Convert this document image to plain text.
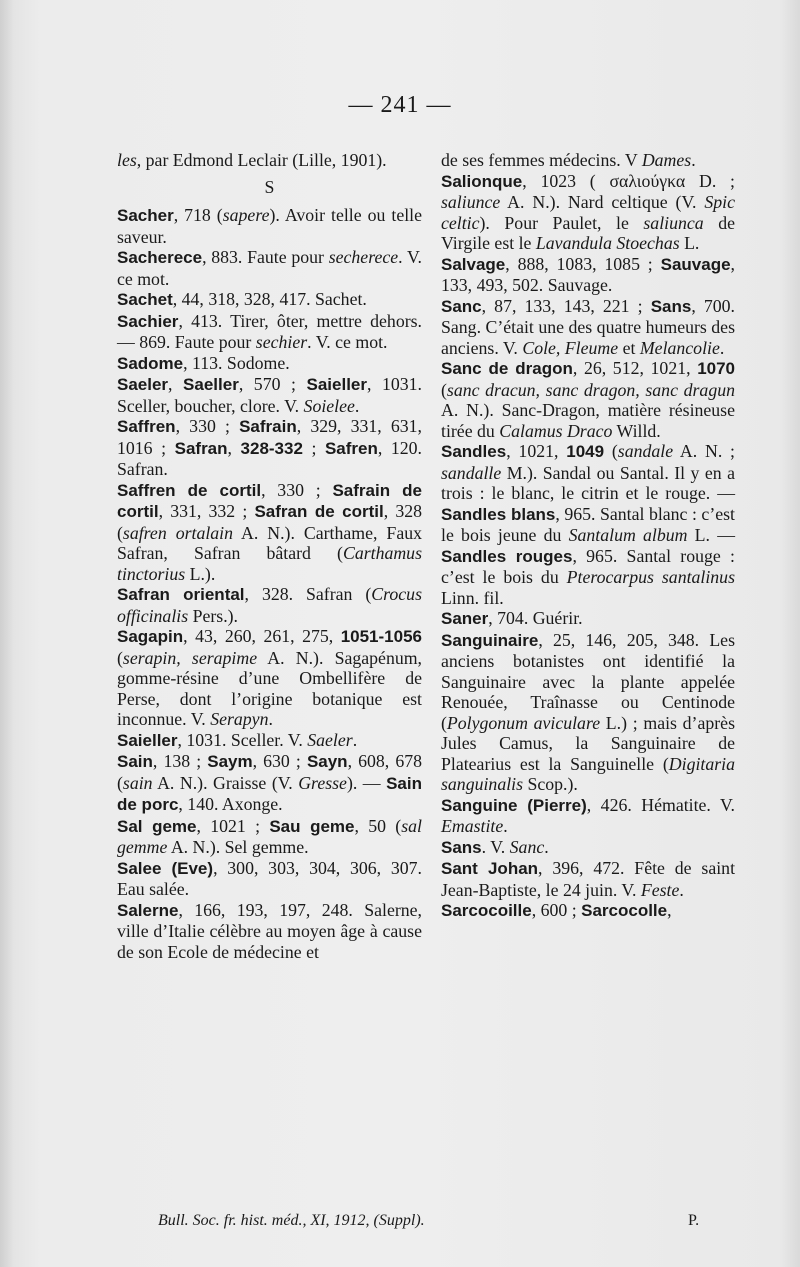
— 241 —

les, par Edmond Leclair (Lille, 1901).

S

Sacher, 718 (sapere). Avoir telle ou telle saveur.

Sacherece, 883. Faute pour secherece. V. ce mot.

Sachet, 44, 318, 328, 417. Sachet.

Sachier, 413. Tirer, ôter, mettre dehors. — 869. Faute pour sechier. V. ce mot.

Sadome, 113. Sodome.

Saeler, Saeller, 570 ; Saieller, 1031. Sceller, boucher, clore. V. Soielee.

Saffren, 330 ; Safrain, 329, 331, 631, 1016 ; Safran, 328-332 ; Safren, 120. Safran.

Saffren de cortil, 330 ; Safrain de cortil, 331, 332 ; Safran de cortil, 328 (safren ortalain A. N.). Carthame, Faux Safran, Safran bâtard (Carthamus tinctorius L.).

Safran oriental, 328. Safran (Crocus officinalis Pers.).

Sagapin, 43, 260, 261, 275, 1051-1056 (serapin, serapime A. N.). Sagapénum, gomme-résine d’une Ombellifère de Perse, dont l’origine botanique est inconnue. V. Serapyn.

Saieller, 1031. Sceller. V. Saeler.

Sain, 138 ; Saym, 630 ; Sayn, 608, 678 (sain A. N.). Graisse (V. Gresse). — Sain de porc, 140. Axonge.

Sal geme, 1021 ; Sau geme, 50 (sal gemme A. N.). Sel gemme.

Salee (Eve), 300, 303, 304, 306, 307. Eau salée.

Salerne, 166, 193, 197, 248. Salerne, ville d’Italie célèbre au moyen âge à cause de son Ecole de médecine et

de ses femmes médecins. V Dames.

Salionque, 1023 ( σαλιούγκα D. ; saliunce A. N.). Nard celtique (V. Spic celtic). Pour Paulet, le saliunca de Virgile est le Lavandula Stoechas L.

Salvage, 888, 1083, 1085 ; Sauvage, 133, 493, 502. Sauvage.

Sanc, 87, 133, 143, 221 ; Sans, 700. Sang. C’était une des quatre humeurs des anciens. V. Cole, Fleume et Melancolie.

Sanc de dragon, 26, 512, 1021, 1070 (sanc dracun, sanc dragon, sanc dragun A. N.). Sanc-Dragon, matière résineuse tirée du Calamus Draco Willd.

Sandles, 1021, 1049 (sandale A. N. ; sandalle M.). Sandal ou Santal. Il y en a trois : le blanc, le citrin et le rouge. — Sandles blans, 965. Santal blanc : c’est le bois jeune du Santalum album L. — Sandles rouges, 965. Santal rouge : c’est le bois du Pterocarpus santalinus Linn. fil.

Saner, 704. Guérir.

Sanguinaire, 25, 146, 205, 348. Les anciens botanistes ont identifié la Sanguinaire avec la plante appelée Renouée, Traînasse ou Centinode (Polygonum aviculare L.) ; mais d’après Jules Camus, la Sanguinaire de Platearius est la Sanguinelle (Digitaria sanguinalis Scop.).

Sanguine (Pierre), 426. Hématite. V. Emastite.

Sans. V. Sanc.

Sant Johan, 396, 472. Fête de saint Jean-Baptiste, le 24 juin. V. Feste.

Sarcocoille, 600 ; Sarcocolle,

Bull. Soc. fr. hist. méd., XI, 1912, (Suppl).	P.
